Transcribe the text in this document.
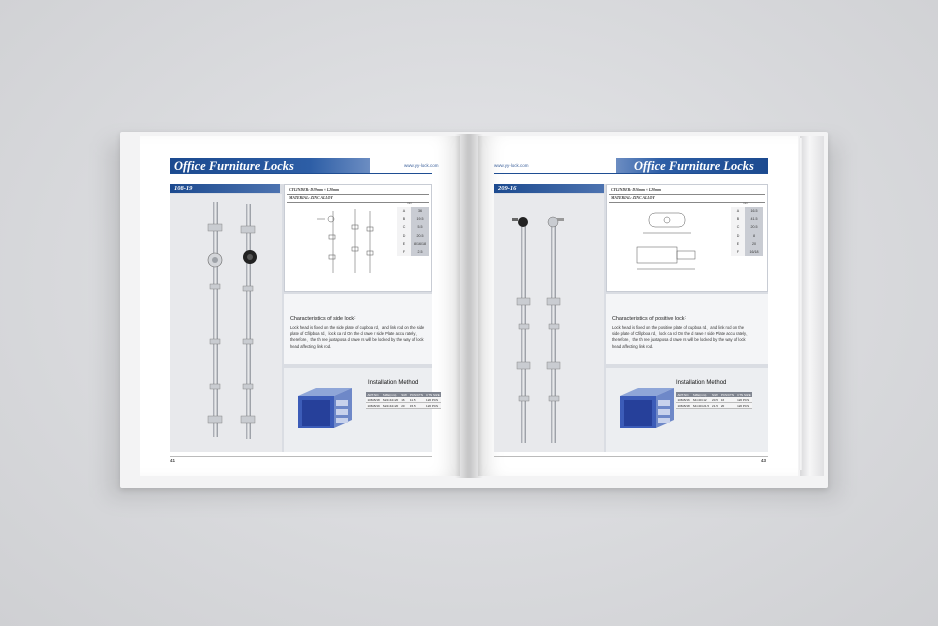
Office Furniture Locks	www.yy-lock.com
108-19	CYLINDER: D19mm × L20mm
MATERIAL: ZINC ALLOY
mm
A	36
B	19.5
C	5.5
D	20.5
E	8/16/18
F	2.5
Characteristics of side lock∶
Lock head is fixed on the side plate of cupboa rd、and link rod on the side plate of Cfilpboa rd、lock ca rd On the d rawe r side Plate accu rately、therefore、the th ree juxtaposa d rawe rs will be locked by the way of lock head affecting link rod.
Installation Method
ART.NO.	SIZE(mm)	S/W	PCS/CTN	CTN SIZE
108-B/18	S24×42×20	16	11.5	120 PCS
108-B/19	S24×42×20	20	15.5	120 PCS
41
Office Furniture Locks
www.yy-lock.com
209-16	CYLINDER: D16mm × L20mm
MATERIAL: ZINC ALLOY
mm
A	16.5
B	41.5
C	20.5
D	8
E	20
F	16/18
Characteristics of positive lock∶
Lock head is fixed on the positive plate of cupboa rd、and link rod on the side plate of Cfilpboa rd、lock ca rd On the d rawe r side Plate accu rately、therefore、the th ree juxtaposa d rawe rs will be locked by the way of lock head affecting link rod.
Installation Method
ART.NO.	SIZE(mm)	S/W	PCS/CTN	CTN SIZE
108-B/16	S4×40×12	20.5	16	120 PCS
108-B/18	S4×40×21.5	21.5	20	120 PCS
43
